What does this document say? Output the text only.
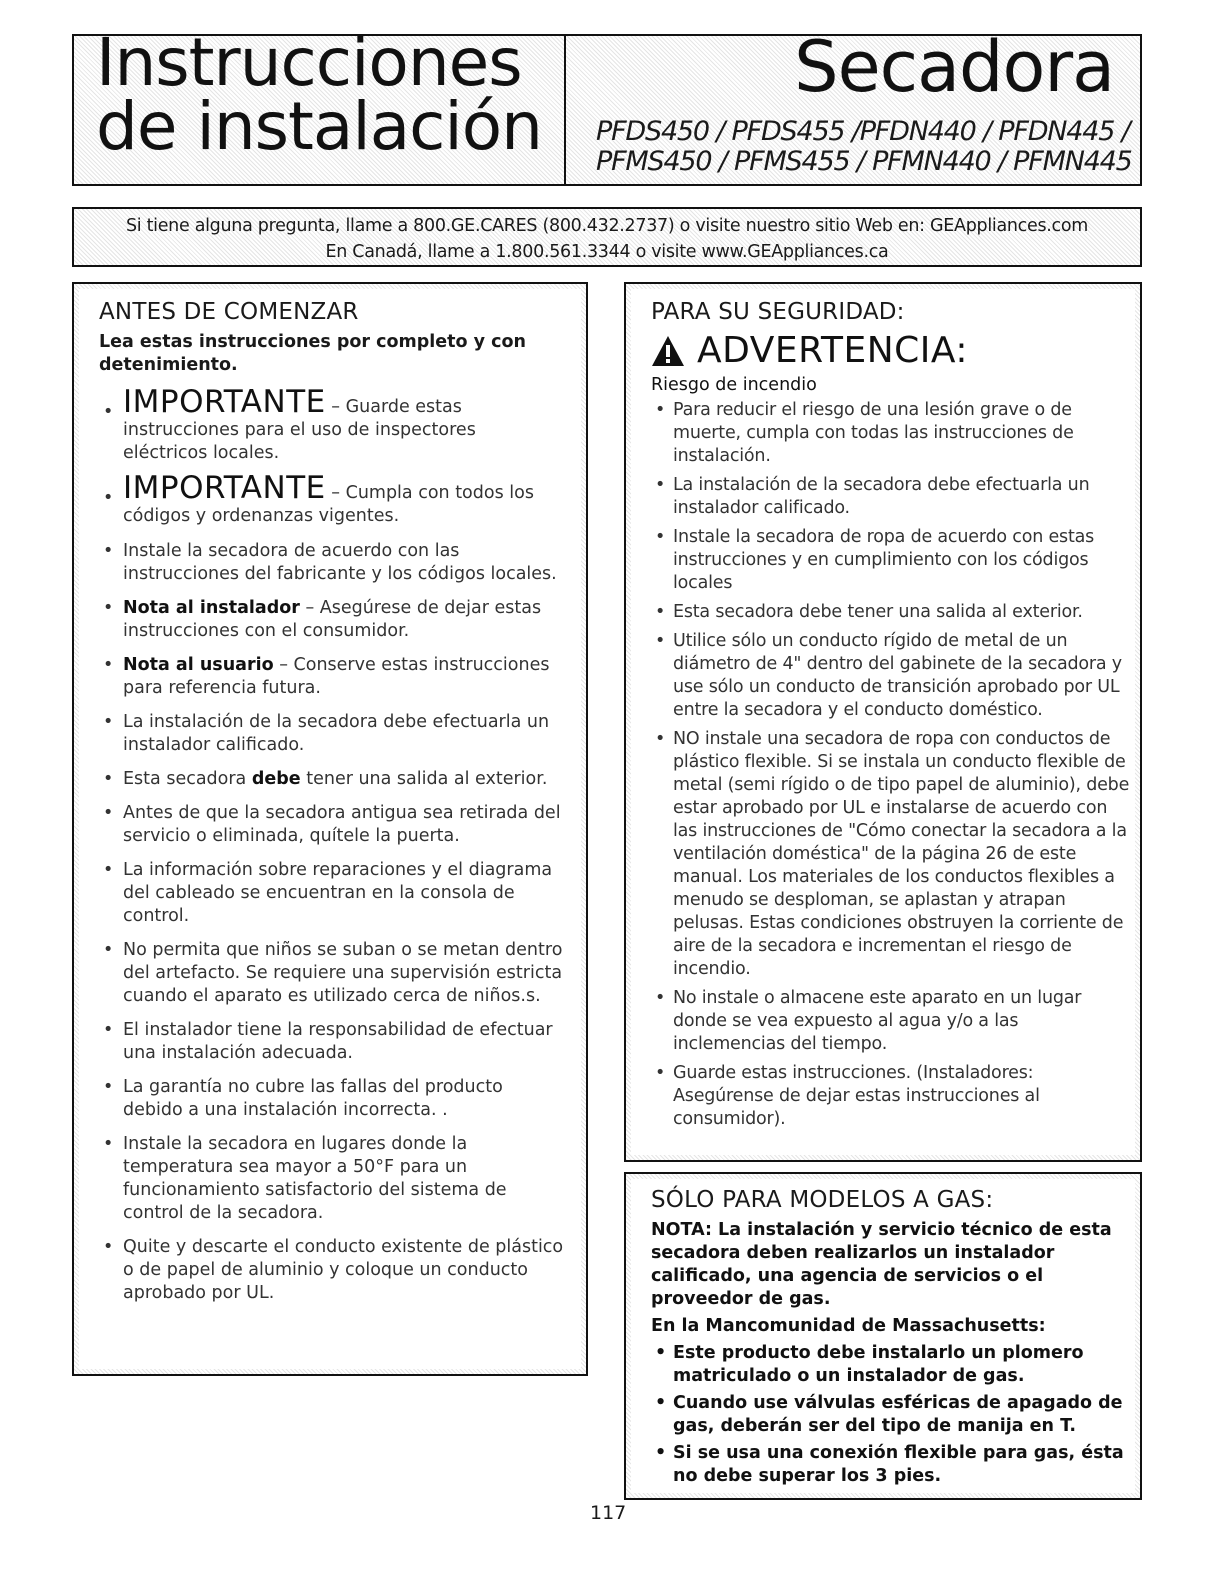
Instrucciones
de instalación
Secadora
PFDS450 / PFDS455 /PFDN440 / PFDN445 /
PFMS450 / PFMS455 / PFMN440 / PFMN445
Si tiene alguna pregunta, llame a 800.GE.CARES (800.432.2737) o visite nuestro sitio Web en: GEAppliances.com
En Canadá, llame a 1.800.561.3344 o visite www.GEAppliances.ca
ANTES DE COMENZAR

Lea estas instrucciones por completo y con detenimiento.

• IMPORTANTE – Guarde estas instrucciones para el uso de inspectores eléctricos locales.
• IMPORTANTE – Cumpla con todos los códigos y ordenanzas vigentes.
• Instale la secadora de acuerdo con las instrucciones del fabricante y los códigos locales.
• Nota al instalador – Asegúrese de dejar estas instrucciones con el consumidor.
• Nota al usuario – Conserve estas instrucciones para referencia futura.
• La instalación de la secadora debe efectuarla un instalador calificado.
• Esta secadora debe tener una salida al exterior.
• Antes de que la secadora antigua sea retirada del servicio o eliminada, quítele la puerta.
• La información sobre reparaciones y el diagrama del cableado se encuentran en la consola de control.
• No permita que niños se suban o se metan dentro del artefacto. Se requiere una supervisión estricta cuando el aparato es utilizado cerca de niños.s.
• El instalador tiene la responsabilidad de efectuar una instalación adecuada.
• La garantía no cubre las fallas del producto debido a una instalación incorrecta. .
• Instale la secadora en lugares donde la temperatura sea mayor a 50°F para un funcionamiento satisfactorio del sistema de control de la secadora.
• Quite y descarte el conducto existente de plástico o de papel de aluminio y coloque un conducto aprobado por UL.
PARA SU SEGURIDAD:
ADVERTENCIA:

Riesgo de incendio

• Para reducir el riesgo de una lesión grave o de muerte, cumpla con todas las instrucciones de instalación.
• La instalación de la secadora debe efectuarla un instalador calificado.
• Instale la secadora de ropa de acuerdo con estas instrucciones y en cumplimiento con los códigos locales
• Esta secadora debe tener una salida al exterior.
• Utilice sólo un conducto rígido de metal de un diámetro de 4" dentro del gabinete de la secadora y use sólo un conducto de transición aprobado por UL entre la secadora y el conducto doméstico.
• NO instale una secadora de ropa con conductos de plástico flexible. Si se instala un conducto flexible de metal (semi rígido o de tipo papel de aluminio), debe estar aprobado por UL e instalarse de acuerdo con las instrucciones de "Cómo conectar la secadora a la ventilación doméstica" de la página 26 de este manual. Los materiales de los conductos flexibles a menudo se desploman, se aplastan y atrapan pelusas. Estas condiciones obstruyen la corriente de aire de la secadora e incrementan el riesgo de incendio.
• No instale o almacene este aparato en un lugar donde se vea expuesto al agua y/o a las inclemencias del tiempo.
• Guarde estas instrucciones. (Instaladores: Asegúrense de dejar estas instrucciones al consumidor).
SÓLO PARA MODELOS A GAS:

NOTA: La instalación y servicio técnico de esta secadora deben realizarlos un instalador calificado, una agencia de servicios o el proveedor de gas.

En la Mancomunidad de Massachusetts:

• Este producto debe instalarlo un plomero matriculado o un instalador de gas.
• Cuando use válvulas esféricas de apagado de gas, deberán ser del tipo de manija en T.
• Si se usa una conexión flexible para gas, ésta no debe superar los 3 pies.
117
